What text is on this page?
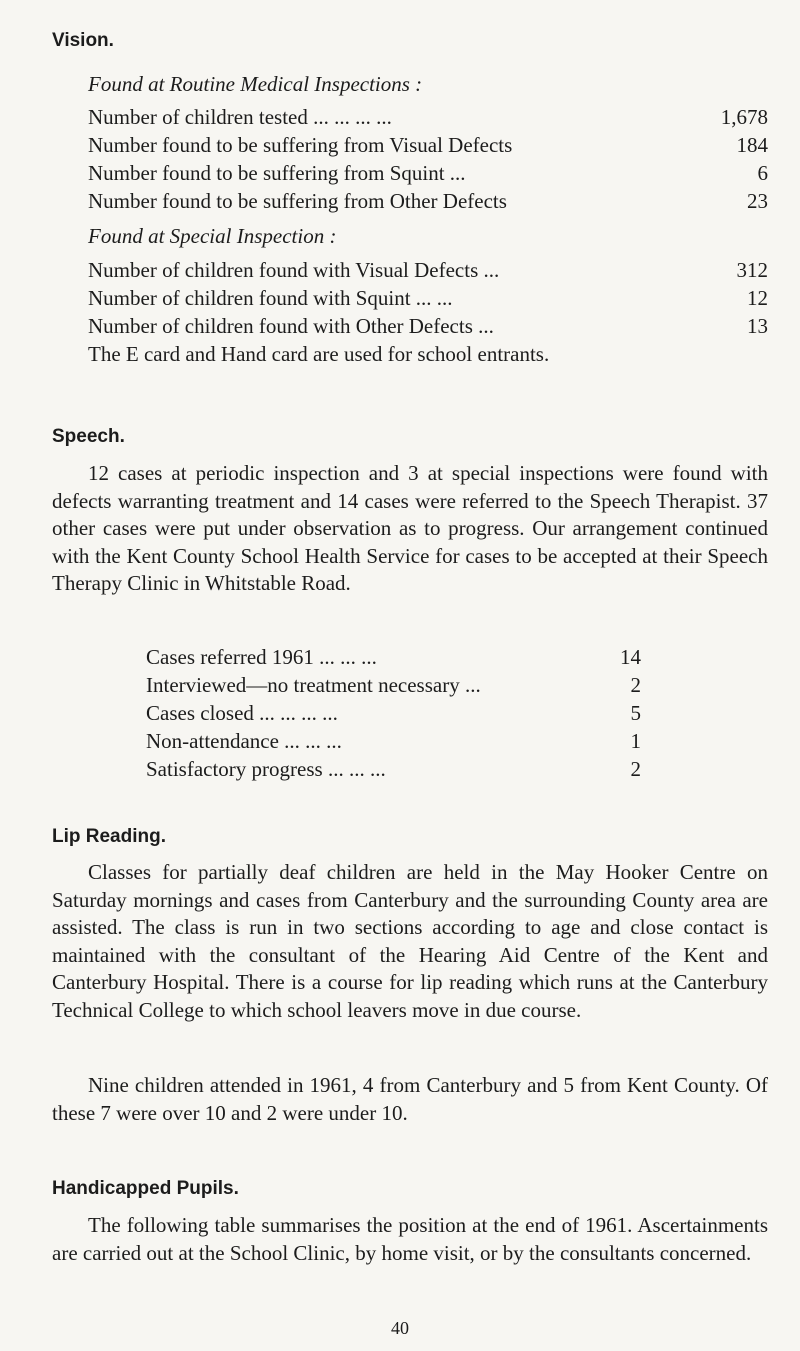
Vision.

Found at Routine Medical Inspections :

Number of children tested ... ... ... ...	1,678
Number found to be suffering from Visual Defects	184
Number found to be suffering from Squint ...	6
Number found to be suffering from Other Defects	23

Found at Special Inspection :

Number of children found with Visual Defects ...	312
Number of children found with Squint ... ...	12
Number of children found with Other Defects ...	13

The E card and Hand card are used for school entrants.

Speech.

12 cases at periodic inspection and 3 at special inspections were found with defects warranting treatment and 14 cases were referred to the Speech Therapist. 37 other cases were put under observation as to progress. Our arrangement continued with the Kent County School Health Service for cases to be accepted at their Speech Therapy Clinic in Whitstable Road.

Cases referred 1961 ... ... ...	14
Interviewed—no treatment necessary ...	2
Cases closed ... ... ... ...	5
Non-attendance ... ... ...	1
Satisfactory progress ... ... ...	2
Lip Reading.

Classes for partially deaf children are held in the May Hooker Centre on Saturday mornings and cases from Canterbury and the surrounding County area are assisted. The class is run in two sections according to age and close contact is maintained with the consultant of the Hearing Aid Centre of the Kent and Canterbury Hospital. There is a course for lip reading which runs at the Canterbury Technical College to which school leavers move in due course.

Nine children attended in 1961, 4 from Canterbury and 5 from Kent County. Of these 7 were over 10 and 2 were under 10.

Handicapped Pupils.

The following table summarises the position at the end of 1961. Ascertainments are carried out at the School Clinic, by home visit, or by the consultants concerned.

40
